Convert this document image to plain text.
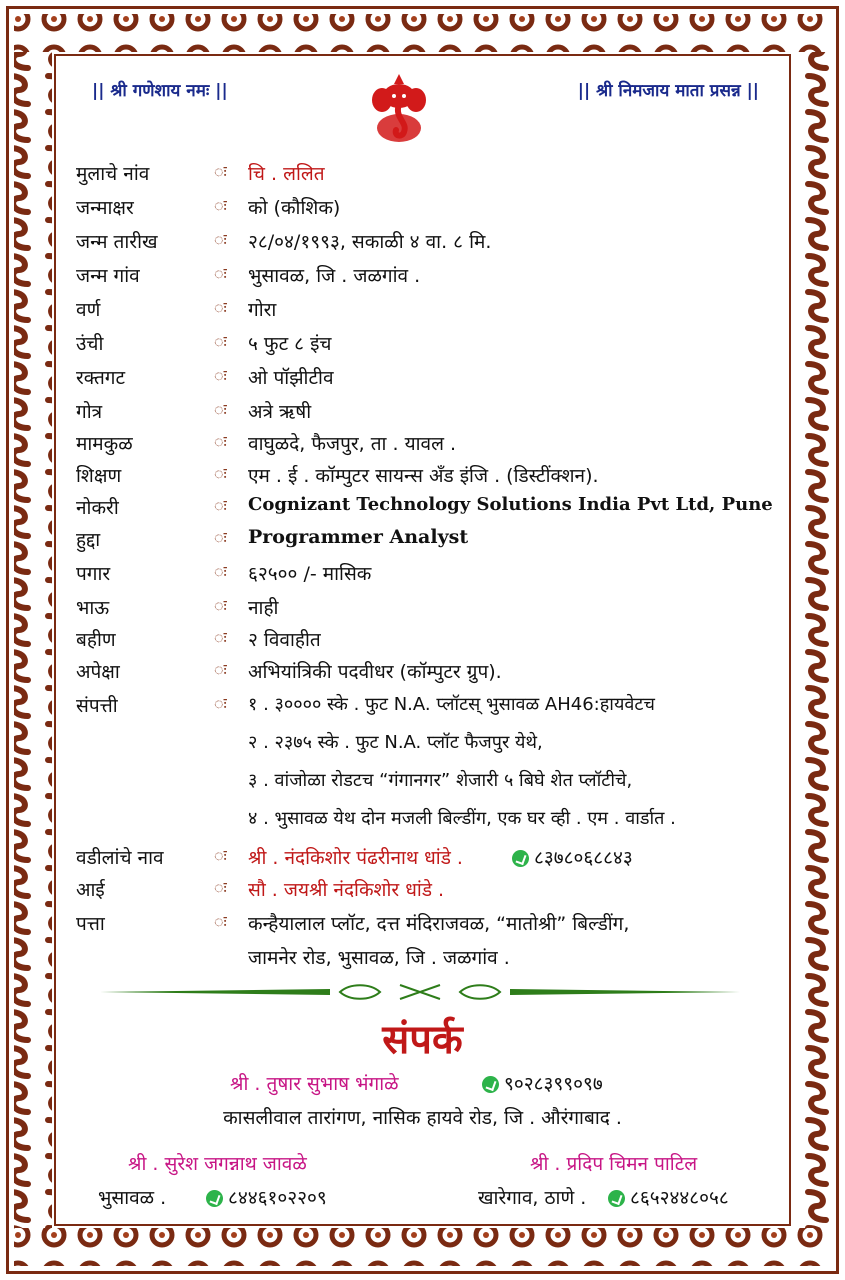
|| श्री गणेशाय नमः ||	|| श्री निमजाय माता प्रसन्न ||
मुलाचे नांव	ः चि . ललित
जन्माक्षर	ः को (कौशिक)
जन्म तारीख	ः २८/०४/१९९३, सकाळी ४ वा. ८ मि.
जन्म गांव	ः भुसावळ, जि . जळगांव .
वर्ण	ः गोरा
उंची	ः ५ फुट ८ इंच
रक्तगट	ः ओ पॉझीटीव
गोत्र	ः अत्रे ऋषी
मामकुळ	ः वाघुळदे, फैजपुर, ता . यावल .
शिक्षण	ः एम . ई . कॉम्पुटर सायन्स ॲंड इंजि . (डिस्टींक्शन).
नोकरी	ः Cognizant Technology Solutions India Pvt Ltd, Pune
हुद्दा	ः Programmer Analyst
पगार	ः ६२५०० /- मासिक
भाऊ	ः नाही
बहीण	ः २ विवाहीत
अपेक्षा	ः अभियांत्रिकी पदवीधर (कॉम्पुटर ग्रुप).
संपत्ती	ः १ . ३०००० स्के . फुट N.A. प्लॉटस् भुसावळ AH46:हायवेटच
२ . २३७५ स्के . फुट N.A. प्लॉट फैजपुर येथे,
३ . वांजोळा रोडटच “गंगानगर” शेजारी ५ बिघे शेत प्लॉटीचे,
४ . भुसावळ येथ दोन मजली बिल्डींग, एक घर व्ही . एम . वार्डात .
वडीलांचे नाव	ः श्री . नंदकिशोर पंढरीनाथ धांडे .	८३७८०६८८४३
आई	ः सौ . जयश्री नंदकिशोर धांडे .
पत्ता	ः कन्हैयालाल प्लॉट, दत्त मंदिराजवळ, “मातोश्री” बिल्डींग,
जामनेर रोड, भुसावळ, जि . जळगांव .
संपर्क
श्री . तुषार सुभाष भंगाळे	९०२८३९९०९७
कासलीवाल तारांगण, नासिक हायवे रोड, जि . औरंगाबाद .
श्री . सुरेश जगन्नाथ जावळे	श्री . प्रदिप चिमन पाटिल
भुसावळ .	८४४६१०२२०९	खारेगाव, ठाणे .	८६५२४४८०५८
